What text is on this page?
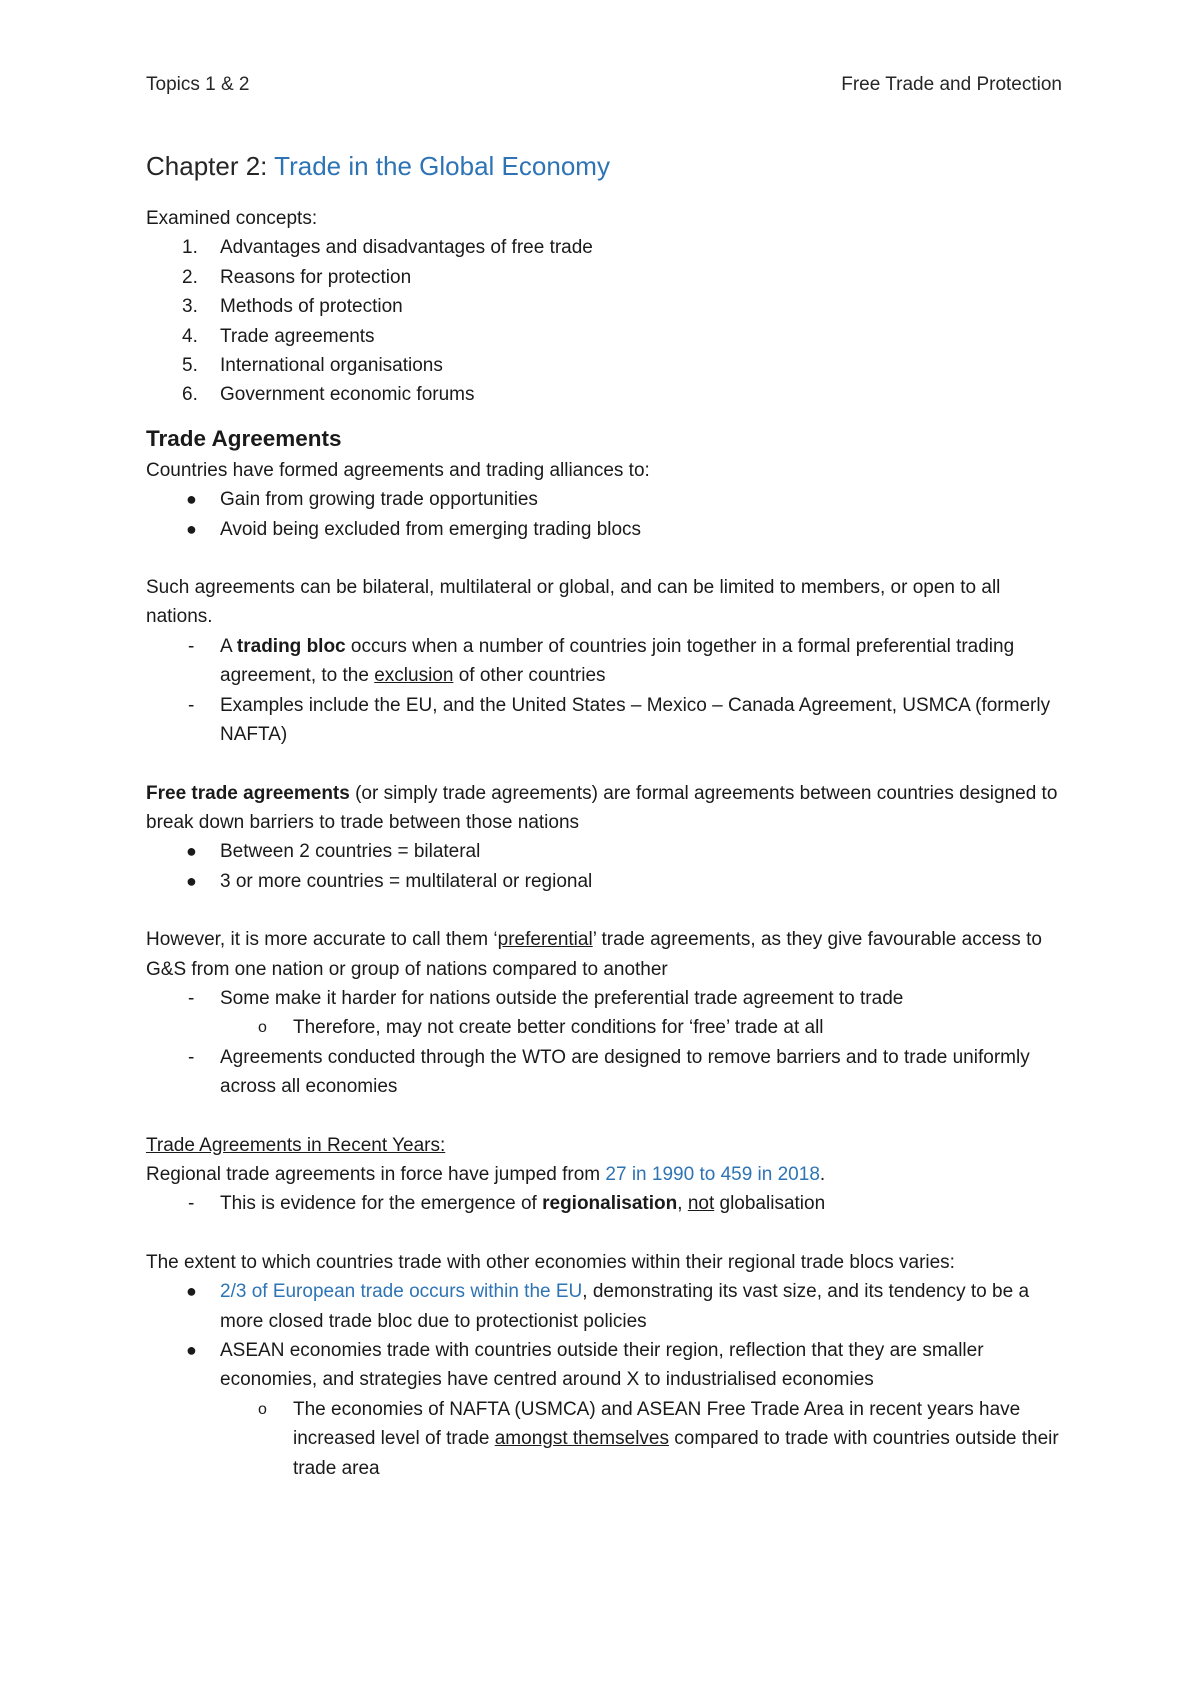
Topics 1 & 2	Free Trade and Protection
Chapter 2: Trade in the Global Economy

Examined concepts:

1. Advantages and disadvantages of free trade
2. Reasons for protection
3. Methods of protection
4. Trade agreements
5. International organisations
6. Government economic forums
Trade Agreements

Countries have formed agreements and trading alliances to:

● Gain from growing trade opportunities
● Avoid being excluded from emerging trading blocs

Such agreements can be bilateral, multilateral or global, and can be limited to members, or open to all nations.

- A trading bloc occurs when a number of countries join together in a formal preferential trading agreement, to the exclusion of other countries
- Examples include the EU, and the United States – Mexico – Canada Agreement, USMCA (formerly NAFTA)

Free trade agreements (or simply trade agreements) are formal agreements between countries designed to break down barriers to trade between those nations

● Between 2 countries = bilateral
● 3 or more countries = multilateral or regional

However, it is more accurate to call them ‘preferential’ trade agreements, as they give favourable access to G&S from one nation or group of nations compared to another

- Some make it harder for nations outside the preferential trade agreement to trade
o Therefore, may not create better conditions for ‘free’ trade at all
- Agreements conducted through the WTO are designed to remove barriers and to trade uniformly across all economies

Trade Agreements in Recent Years:

Regional trade agreements in force have jumped from 27 in 1990 to 459 in 2018.

- This is evidence for the emergence of regionalisation, not globalisation

The extent to which countries trade with other economies within their regional trade blocs varies:

● 2/3 of European trade occurs within the EU, demonstrating its vast size, and its tendency to be a more closed trade bloc due to protectionist policies
● ASEAN economies trade with countries outside their region, reflection that they are smaller economies, and strategies have centred around X to industrialised economies
o The economies of NAFTA (USMCA) and ASEAN Free Trade Area in recent years have increased level of trade amongst themselves compared to trade with countries outside their trade area
